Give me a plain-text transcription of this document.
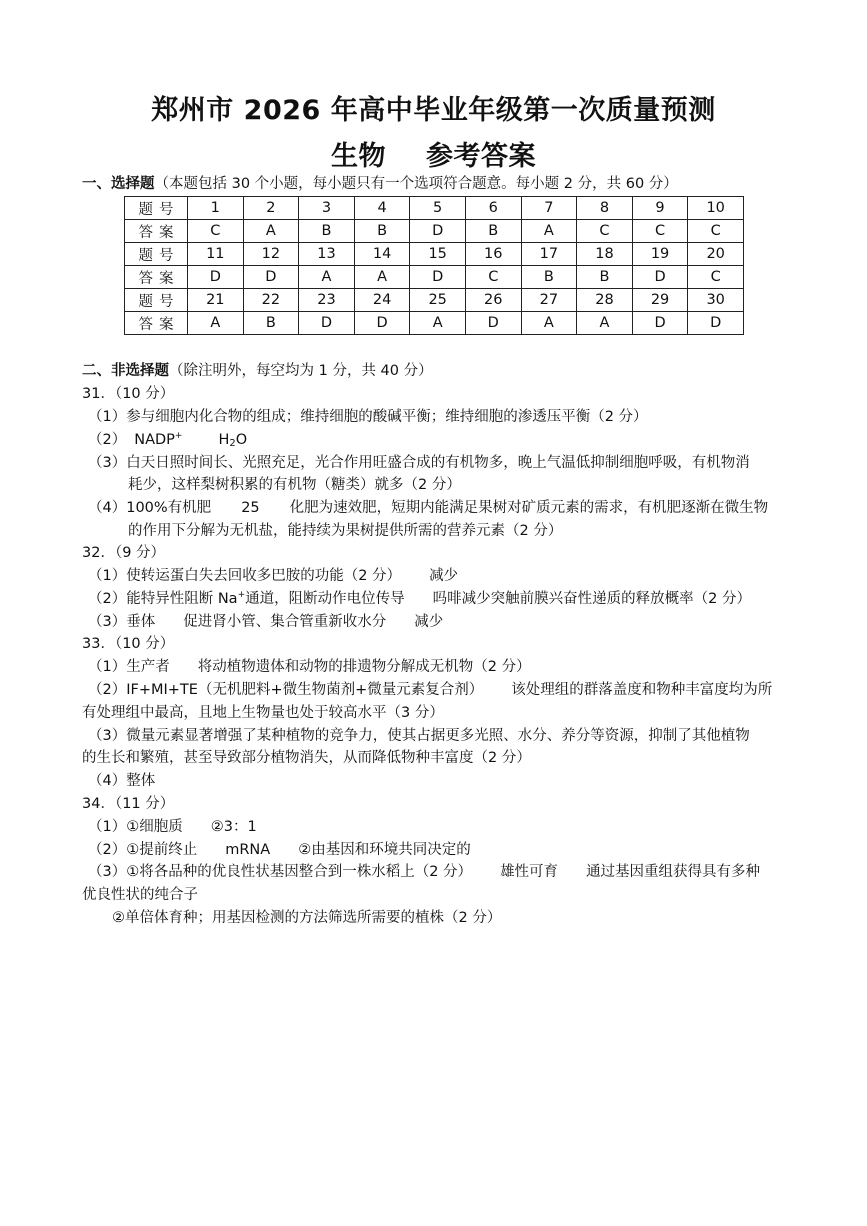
郑州市 2026 年高中毕业年级第一次质量预测
生物 参考答案
一、选择题（本题包括 30 个小题，每小题只有一个选项符合题意。每小题 2 分，共 60 分）
题号	1	2	3	4	5	6	7	8	9	10
答案	C	A	B	B	D	B	A	C	C	C
题号	11	12	13	14	15	16	17	18	19	20
答案	D	D	A	A	D	C	B	B	D	C
题号	21	22	23	24	25	26	27	28	29	30
答案	A	B	D	D	A	D	A	A	D	D
二、非选择题（除注明外，每空均为 1 分，共 40 分）
31．（10 分）
（1）参与细胞内化合物的组成；维持细胞的酸碱平衡；维持细胞的渗透压平衡（2 分）
（2） NADP+ $H_2O$
（3）白天日照时间长、光照充足，光合作用旺盛合成的有机物多，晚上气温低抑制细胞呼吸，有机物消
耗少，这样梨树积累的有机物（糖类）就多（2 分）
（4）100%有机肥 25 化肥为速效肥，短期内能满足果树对矿质元素的需求，有机肥逐渐在微生物
的作用下分解为无机盐，能持续为果树提供所需的营养元素（2 分）
32．（9 分）
（1）使转运蛋白失去回收多巴胺的功能（2 分） 减少
（2）能特异性阻断 Na+通道，阻断动作电位传导 吗啡减少突触前膜兴奋性递质的释放概率（2 分）
（3）垂体 促进肾小管、集合管重新收水分 减少
33．（10 分）
（1）生产者 将动植物遗体和动物的排遗物分解成无机物（2 分）
（2）IF+MI+TE（无机肥料+微生物菌剂+微量元素复合剂） 该处理组的群落盖度和物种丰富度均为所
有处理组中最高，且地上生物量也处于较高水平（3 分）
（3）微量元素显著增强了某种植物的竞争力，使其占据更多光照、水分、养分等资源，抑制了其他植物
的生长和繁殖，甚至导致部分植物消失，从而降低物种丰富度（2 分）
（4）整体
34．（11 分）
（1）①细胞质 ②3：1
（2）①提前终止 mRNA ②由基因和环境共同决定的
（3）①将各品种的优良性状基因整合到一株水稻上（2 分） 雄性可育 通过基因重组获得具有多种
优良性状的纯合子
②单倍体育种；用基因检测的方法筛选所需要的植株（2 分）
